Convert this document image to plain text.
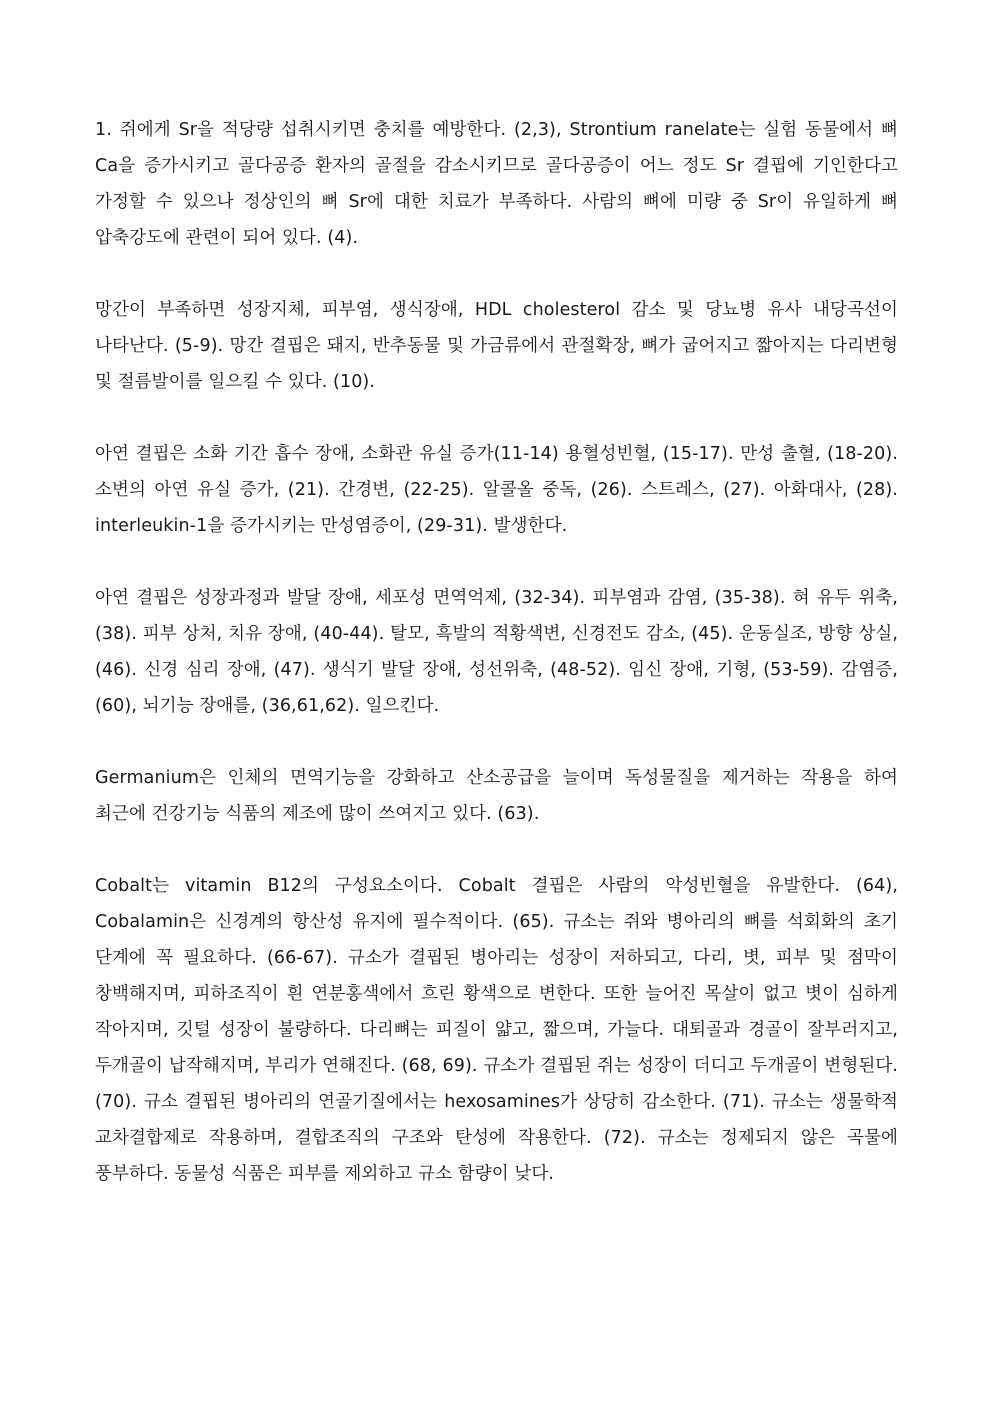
1. 쥐에게 Sr을 적당량 섭취시키면 충치를 예방한다. (2,3), Strontium ranelate는 실험 동물에서 뼈 Ca을 증가시키고 골다공증 환자의 골절을 감소시키므로 골다공증이 어느 정도 Sr 결핍에 기인한다고 가정할 수 있으나 정상인의 뼈 Sr에 대한 치료가 부족하다. 사람의 뼈에 미량 중 Sr이 유일하게 뼈 압축강도에 관련이 되어 있다. (4).

망간이 부족하면 성장지체, 피부염, 생식장애, HDL cholesterol 감소 및 당뇨병 유사 내당곡선이 나타난다. (5-9). 망간 결핍은 돼지, 반추동물 및 가금류에서 관절확장, 뼈가 굽어지고 짧아지는 다리변형 및 절름발이를 일으킬 수 있다. (10).

아연 결핍은 소화 기간 흡수 장애, 소화관 유실 증가(11-14) 용혈성빈혈, (15-17). 만성 출혈, (18-20). 소변의 아연 유실 증가, (21). 간경변, (22-25). 알콜올 중독, (26). 스트레스, (27). 아화대사, (28). interleukin-1을 증가시키는 만성염증이, (29-31). 발생한다.

아연 결핍은 성장과정과 발달 장애, 세포성 면역억제, (32-34). 피부염과 감염, (35-38). 혀 유두 위축, (38). 피부 상처, 치유 장애, (40-44). 탈모, 흑발의 적황색변, 신경전도 감소, (45). 운동실조, 방향 상실, (46). 신경 심리 장애, (47). 생식기 발달 장애, 성선위축, (48-52). 임신 장애, 기형, (53-59). 감염증, (60), 뇌기능 장애를, (36,61,62). 일으킨다.

Germanium은 인체의 면역기능을 강화하고 산소공급을 늘이며 독성물질을 제거하는 작용을 하여 최근에 건강기능 식품의 제조에 많이 쓰여지고 있다. (63).

Cobalt는 vitamin B12의 구성요소이다. Cobalt 결핍은 사람의 악성빈혈을 유발한다. (64), Cobalamin은 신경계의 항산성 유지에 필수적이다. (65). 규소는 쥐와 병아리의 뼈를 석회화의 초기 단계에 꼭 필요하다. (66-67). 규소가 결핍된 병아리는 성장이 저하되고, 다리, 볏, 피부 및 점막이 창백해지며, 피하조직이 흰 연분홍색에서 흐린 황색으로 변한다. 또한 늘어진 목살이 없고 볏이 심하게 작아지며, 깃털 성장이 불량하다. 다리뼈는 피질이 얇고, 짧으며, 가늘다. 대퇴골과 경골이 잘부러지고, 두개골이 납작해지며, 부리가 연해진다. (68, 69). 규소가 결핍된 쥐는 성장이 더디고 두개골이 변형된다. (70). 규소 결핍된 병아리의 연골기질에서는 hexosamines가 상당히 감소한다. (71). 규소는 생물학적 교차결합제로 작용하며, 결합조직의 구조와 탄성에 작용한다. (72). 규소는 정제되지 않은 곡물에 풍부하다. 동물성 식품은 피부를 제외하고 규소 함량이 낮다.
